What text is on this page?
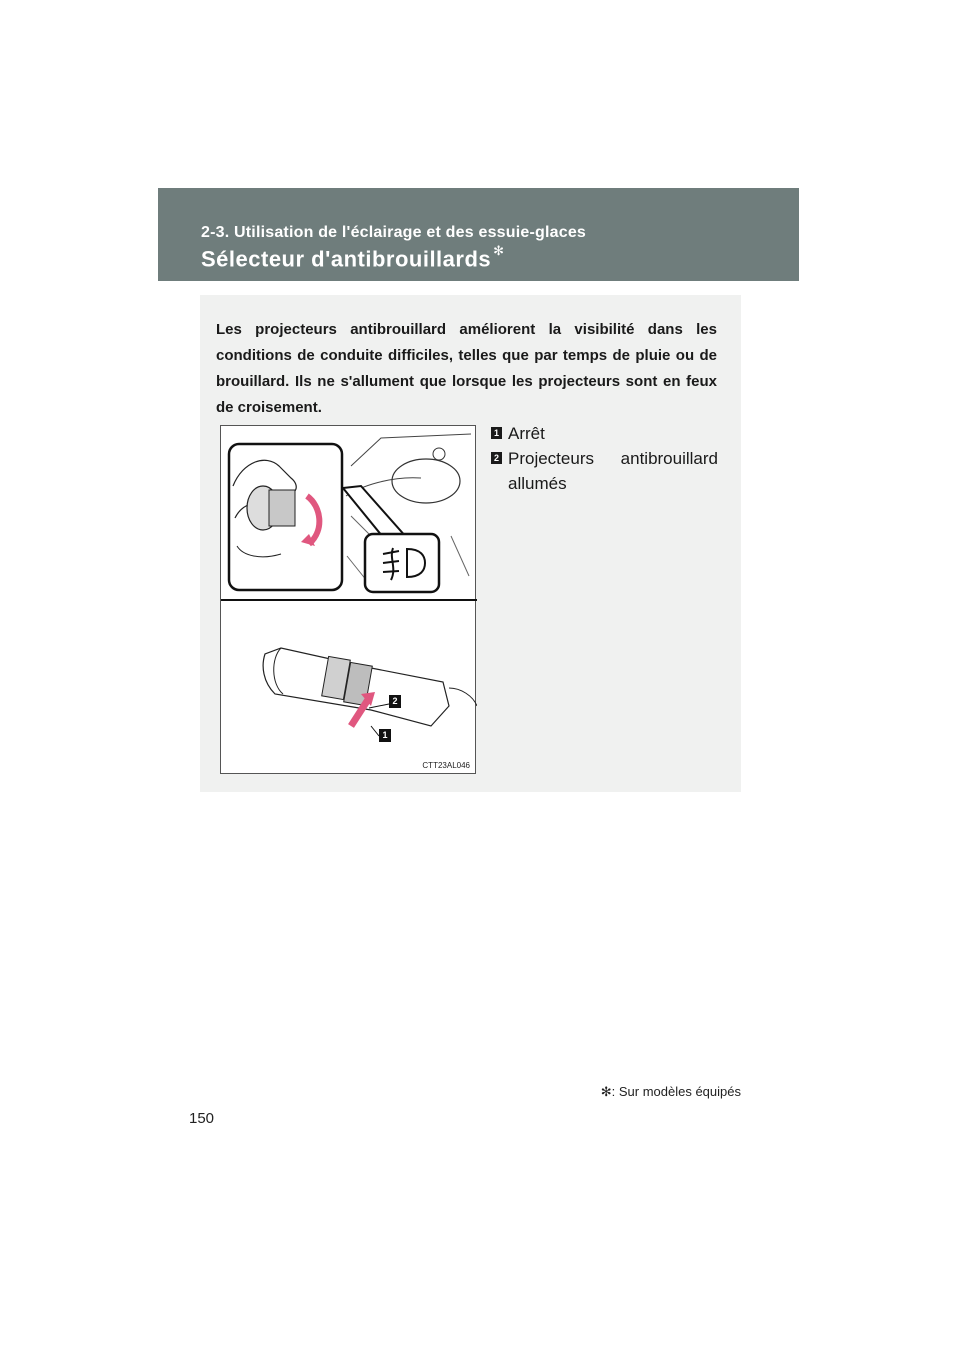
2-3. Utilisation de l'éclairage et des essuie-glaces
Sélecteur d'antibrouillards ✻

Les projecteurs antibrouillard améliorent la visibilité dans les conditions de conduite difficiles, telles que par temps de pluie ou de brouillard. Ils ne s'allument que lorsque les projecteurs sont en feux de croisement.

2
1
CTT23AL046
1 Arrêt
2 Projecteurs antibrouillard allumés
✻: Sur modèles équipés
150
